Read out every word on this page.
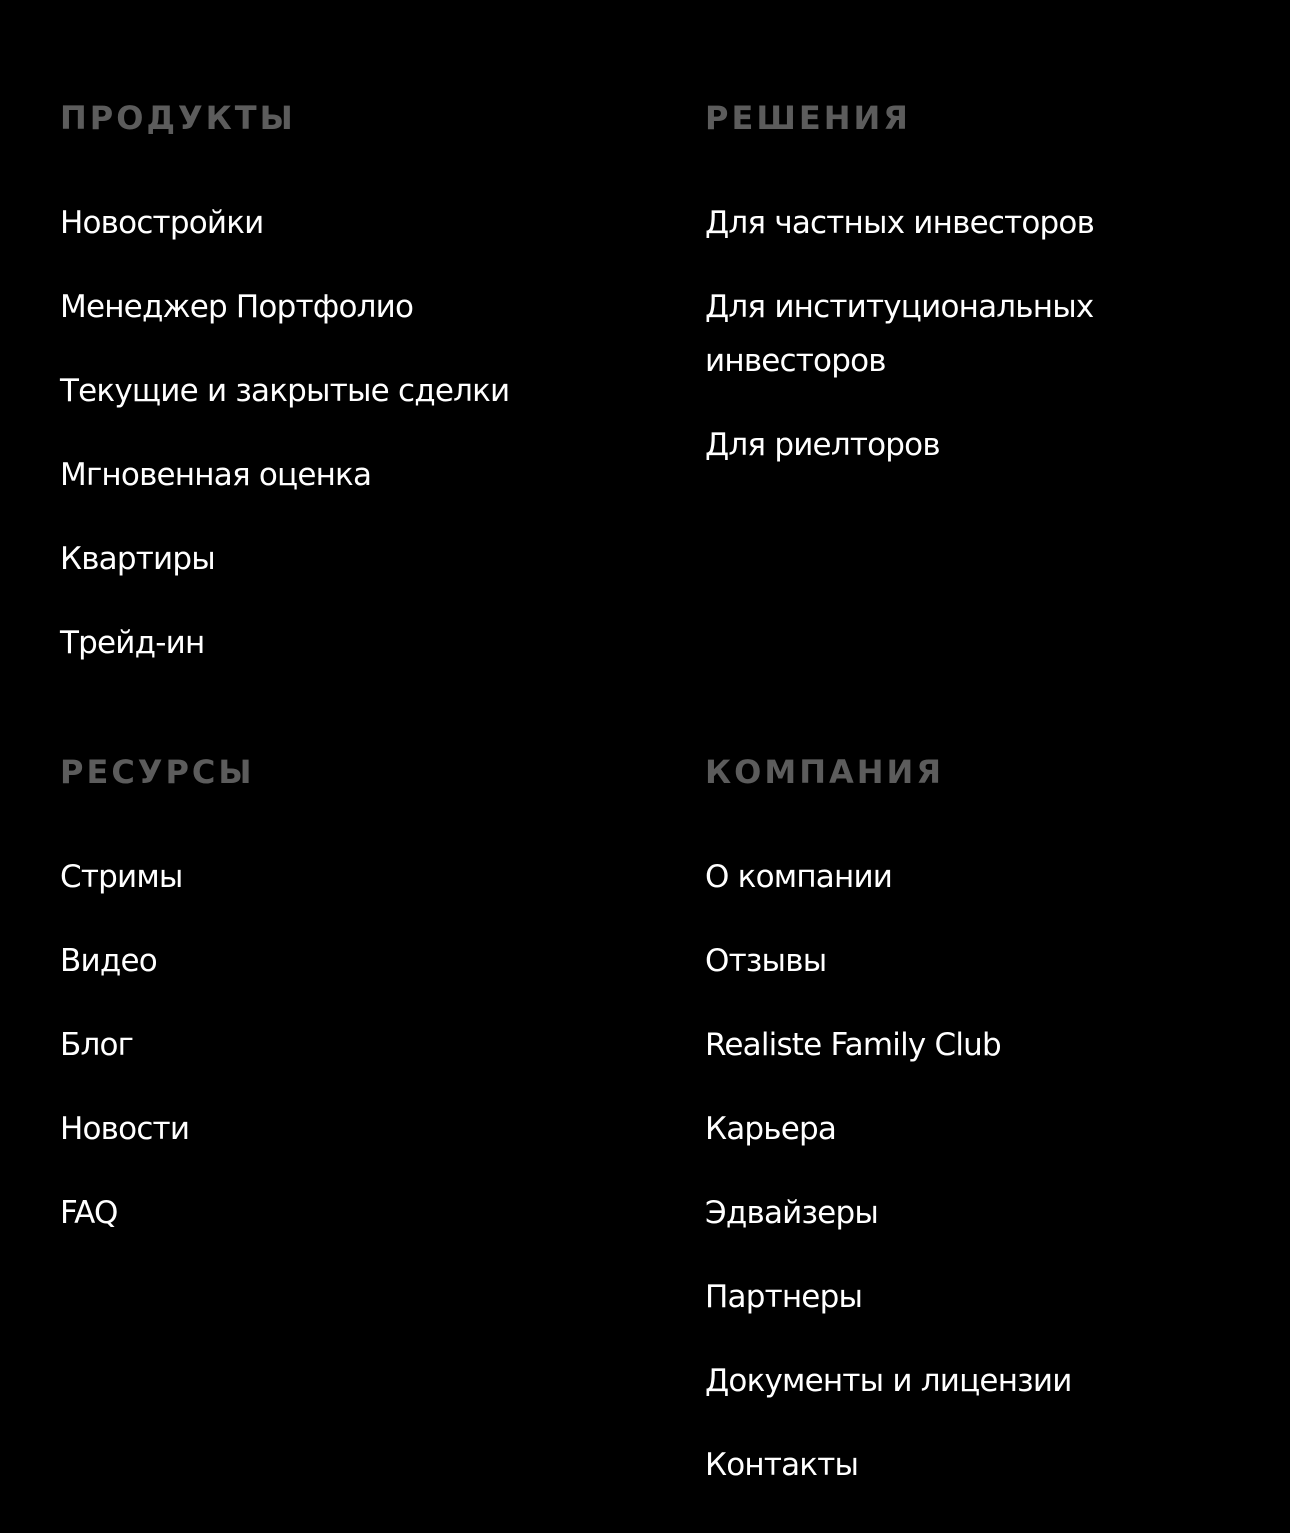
ПРОДУКТЫ
Новостройки
Менеджер Портфолио
Текущие и закрытые сделки
Мгновенная оценка
Квартиры
Трейд-ин
РЕШЕНИЯ
Для частных инвесторов
Для институциональных инвесторов
Для риелторов
РЕСУРСЫ
Стримы
Видео
Блог
Новости
FAQ
КОМПАНИЯ
О компании
Отзывы
Realiste Family Club
Карьера
Эдвайзеры
Партнеры
Документы и лицензии
Контакты
